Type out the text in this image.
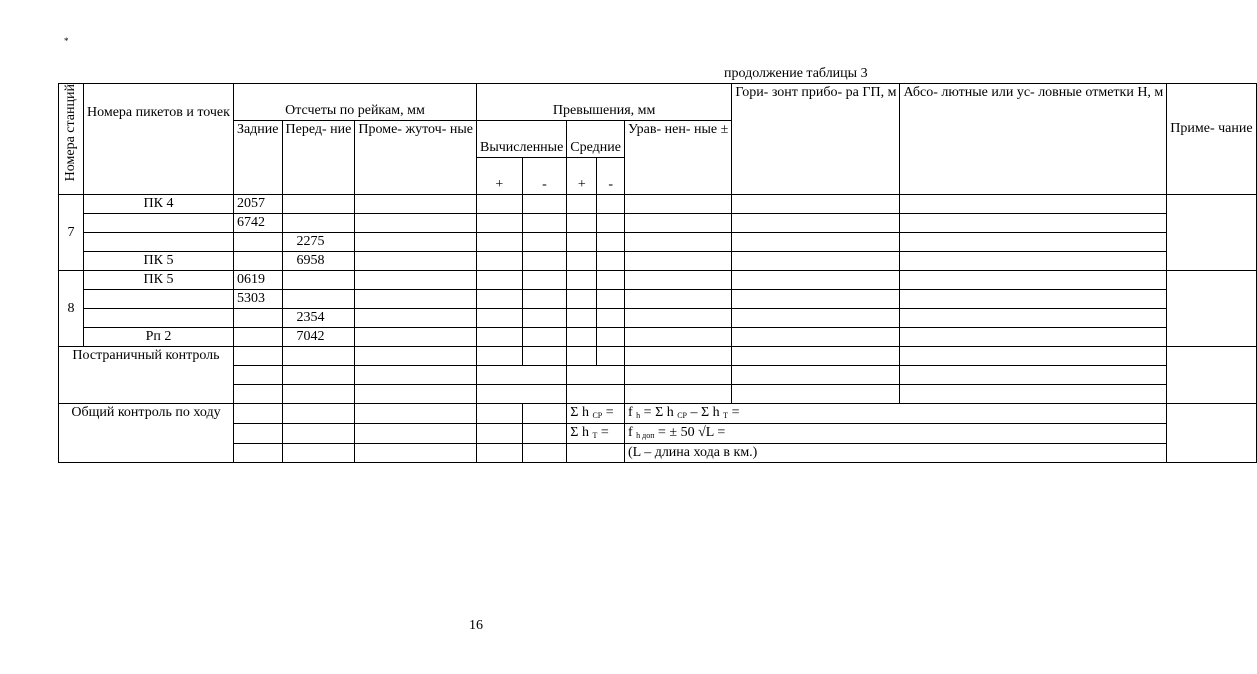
*
продолжение таблицы 3
Номера станций	Номера пикетов и точек	Отсчеты по рейкам, мм			Превышения, мм					Гори- зонт прибо- ра ГП, м	Абсо- лютные или ус- ловные отметки Н, м	Приме- чание
		Задние	Перед- ние	Проме- жуточ- ные	Вычисленные		Средние		Урав- нен- ные ±			
					+	-	+	-				
7	ПК 4	2057										
		6742										
			2275									
	ПК 5		6958									
8	ПК 5	0619										
		5303										
			2354									
	Рп 2		7042									
Постраничный контроль												

Общий контроль по ходу							Σ h СР =		f h = Σ h СР – Σ h Т =			
							Σ h Т =		f h доп = ± 50 √L =			
									(L – длина хода в км.)			
16
